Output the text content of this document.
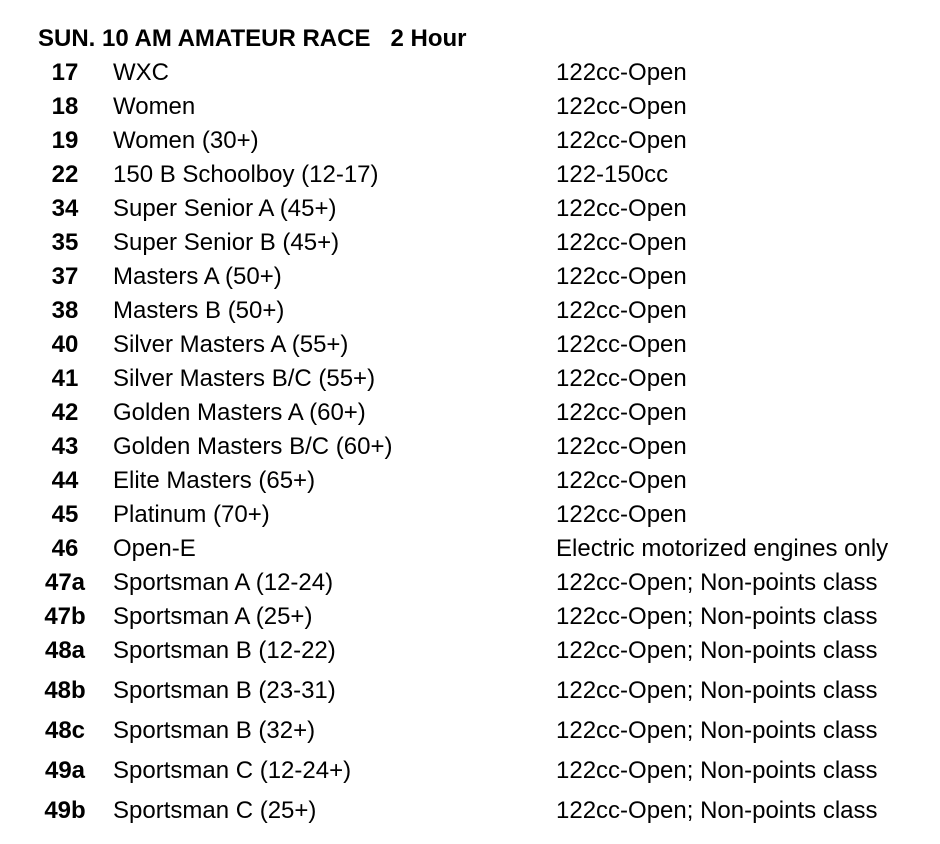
SUN. 10 AM AMATEUR RACE   2 Hour
17	WXC	122cc-Open
18	Women	122cc-Open
19	Women (30+)	122cc-Open
22	150 B Schoolboy (12-17)	122-150cc
34	Super Senior A (45+)	122cc-Open
35	Super Senior B (45+)	122cc-Open
37	Masters A (50+)	122cc-Open
38	Masters B (50+)	122cc-Open
40	Silver Masters A (55+)	122cc-Open
41	Silver Masters B/C (55+)	122cc-Open
42	Golden Masters A (60+)	122cc-Open
43	Golden Masters B/C (60+)	122cc-Open
44	Elite Masters (65+)	122cc-Open
45	Platinum (70+)	122cc-Open
46	Open-E	Electric motorized engines only
47a Sportsman A (12-24)	122cc-Open; Non-points class
47b Sportsman A (25+)	122cc-Open; Non-points class
48a Sportsman B (12-22)	122cc-Open; Non-points class
48b Sportsman B (23-31)	122cc-Open; Non-points class
48c Sportsman B (32+)	122cc-Open; Non-points class
49a Sportsman C (12-24+)	122cc-Open; Non-points class
49b Sportsman C (25+)	122cc-Open; Non-points class
